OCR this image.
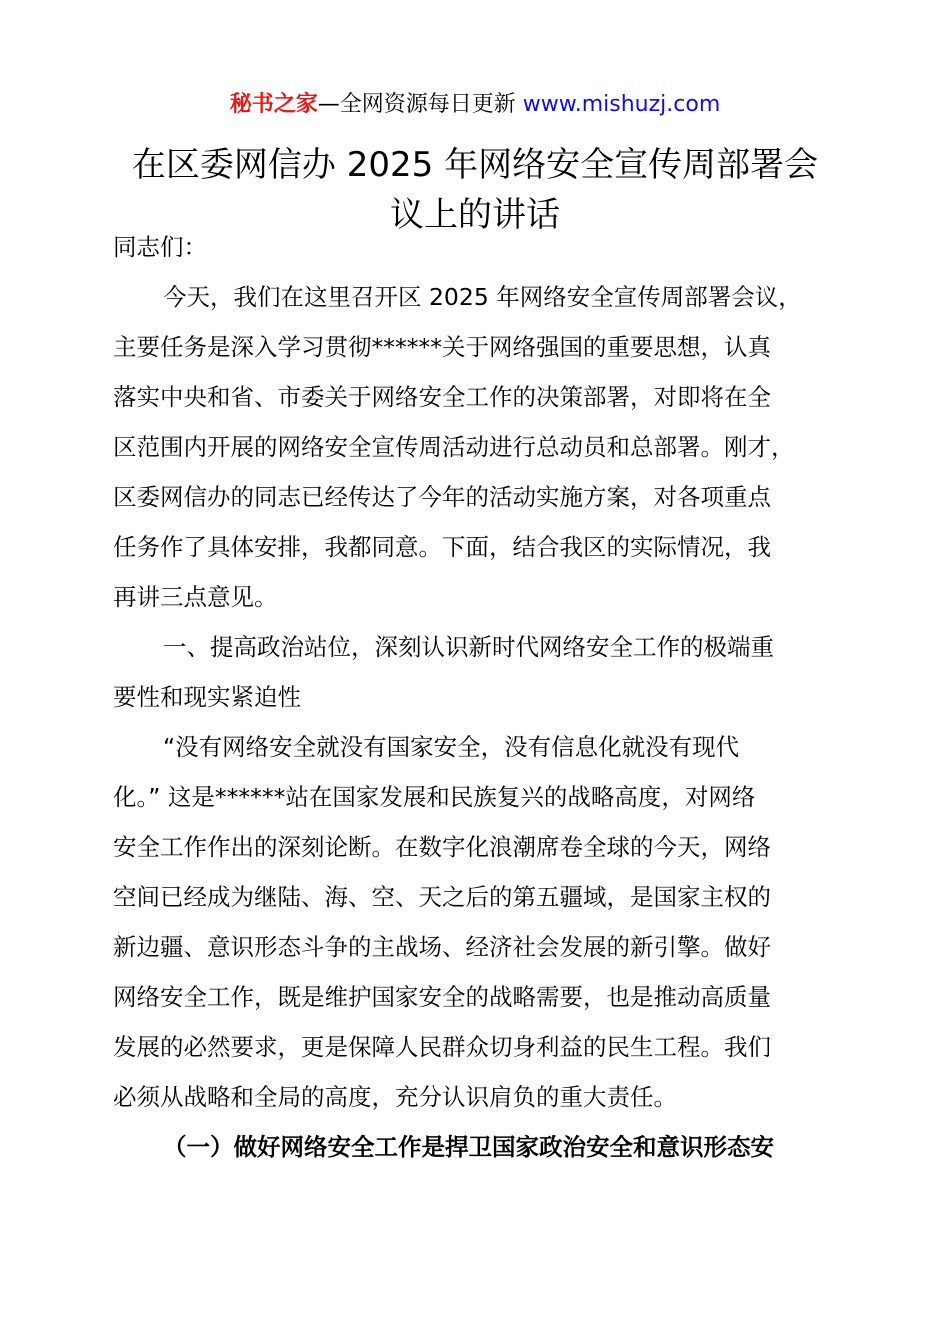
秘书之家—全网资源每日更新 www.mishuzj.com
在区委网信办 2025 年网络安全宣传周部署会
议上的讲话
同志们：
今天，我们在这里召开区 2025 年网络安全宣传周部署会议，
主要任务是深入学习贯彻******关于网络强国的重要思想，认真
落实中央和省、市委关于网络安全工作的决策部署，对即将在全
区范围内开展的网络安全宣传周活动进行总动员和总部署。刚才，
区委网信办的同志已经传达了今年的活动实施方案，对各项重点
任务作了具体安排，我都同意。下面，结合我区的实际情况，我
再讲三点意见。
一、提高政治站位，深刻认识新时代网络安全工作的极端重
要性和现实紧迫性
“没有网络安全就没有国家安全，没有信息化就没有现代
化。” 这是******站在国家发展和民族复兴的战略高度，对网络
安全工作作出的深刻论断。在数字化浪潮席卷全球的今天，网络
空间已经成为继陆、海、空、天之后的第五疆域，是国家主权的
新边疆、意识形态斗争的主战场、经济社会发展的新引擎。做好
网络安全工作，既是维护国家安全的战略需要，也是推动高质量
发展的必然要求，更是保障人民群众切身利益的民生工程。我们
必须从战略和全局的高度，充分认识肩负的重大责任。
（一）做好网络安全工作是捍卫国家政治安全和意识形态安
